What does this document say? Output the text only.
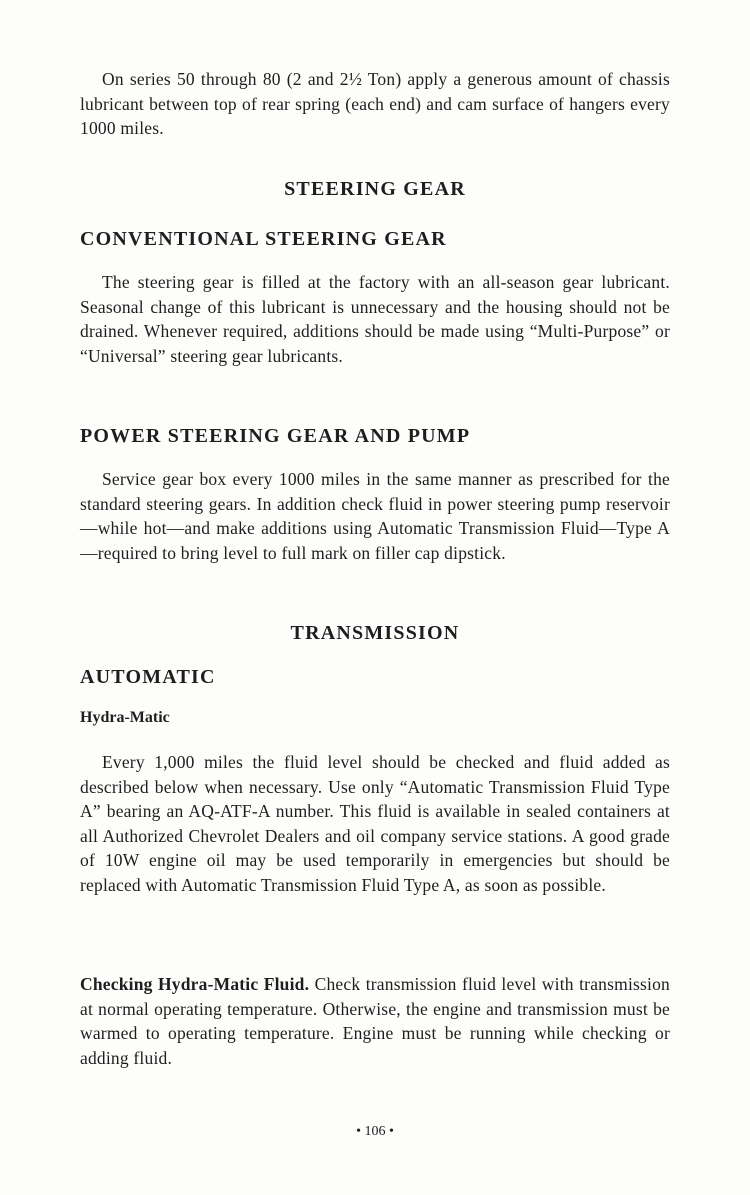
On series 50 through 80 (2 and 2½ Ton) apply a generous amount of chassis lubricant between top of rear spring (each end) and cam surface of hangers every 1000 miles.

STEERING GEAR
CONVENTIONAL STEERING GEAR

The steering gear is filled at the factory with an all-season gear lubricant. Seasonal change of this lubricant is unnecessary and the housing should not be drained. Whenever required, additions should be made using “Multi-Purpose” or “Universal” steering gear lubricants.

POWER STEERING GEAR AND PUMP

Service gear box every 1000 miles in the same manner as prescribed for the standard steering gears. In addition check fluid in power steering pump reservoir—while hot—and make additions using Automatic Transmission Fluid—Type A—required to bring level to full mark on filler cap dipstick.

TRANSMISSION
AUTOMATIC
Hydra-Matic

Every 1,000 miles the fluid level should be checked and fluid added as described below when necessary. Use only “Automatic Transmission Fluid Type A” bearing an AQ-ATF-A number. This fluid is available in sealed containers at all Authorized Chevrolet Dealers and oil company service stations. A good grade of 10W engine oil may be used temporarily in emergencies but should be replaced with Automatic Transmission Fluid Type A, as soon as possible.

Checking Hydra-Matic Fluid. Check transmission fluid level with transmission at normal operating temperature. Otherwise, the engine and transmission must be warmed to operating temperature. Engine must be running while checking or adding fluid.

• 106 •
